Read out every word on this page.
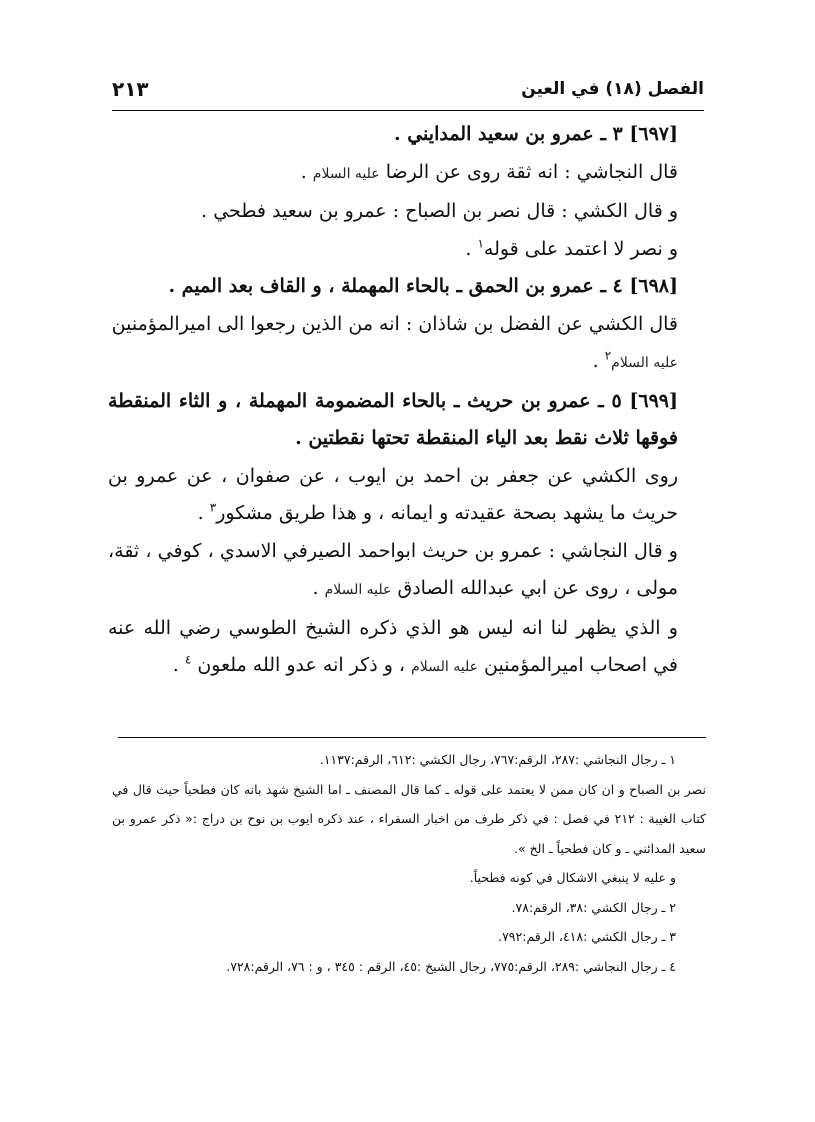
الفصل (١٨) في العين
٢١٣

[٦٩٧] ٣ ـ عمرو بن سعيد المدايني .

قال النجاشي : انه ثقة روى عن الرضا عليه السلام .

و قال الكشي : قال نصر بن الصباح : عمرو بن سعيد فطحي .

و نصر لا اعتمد على قوله$^١$ .

[٦٩٨] ٤ ـ عمرو بن الحمق ـ بالحاء المهملة ، و القاف بعد الميم .

قال الكشي عن الفضل بن شاذان : انه من الذين رجعوا الى اميرالمؤمنين عليه السلام$^٢$ .

[٦٩٩] ٥ ـ عمرو بن حريث ـ بالحاء المضمومة المهملة ، و الثاء المنقطة فوقها ثلاث نقط بعد الياء المنقطة تحتها نقطتين .

روى الكشي عن جعفر بن احمد بن ايوب ، عن صفوان ، عن عمرو بن حريث ما يشهد بصحة عقيدته و ايمانه ، و هذا طريق مشكور$^٣$ .

و قال النجاشي : عمرو بن حريث ابواحمد الصيرفي الاسدي ، كوفي ، ثقة، مولى ، روى عن ابي عبدالله الصادق عليه السلام .

و الذي يظهر لنا انه ليس هو الذي ذكره الشيخ الطوسي رضي الله عنه في اصحاب اميرالمؤمنين عليه السلام ، و ذكر انه عدو الله ملعون $^٤$ .

١ ـ رجال النجاشي :٢٨٧، الرقم:٧٦٧، رجال الكشي :٦١٢، الرقم:١١٣٧.

نصر بن الصباح و ان كان ممن لا يعتمد على قوله ـ كما قال المصنف ـ اما الشيخ شهد بانه كان فطحياً حيث قال في كتاب الغيبة : ٢١٢ في فصل : في ذكر طرف من اخبار السفراء ، عند ذكره ايوب بن نوح بن دراج :« ذكر عمرو بن سعيد المدائني ـ و كان فطحياً ـ الخ ».

و عليه لا ينبغي الاشكال في كونه فطحياً.

٢ ـ رجال الكشي :٣٨، الرقم:٧٨.

٣ ـ رجال الكشي :٤١٨، الرقم:٧٩٢.

٤ ـ رجال النجاشي :٢٨٩، الرقم:٧٧٥، رجال الشيخ :٤٥، الرقم : ٣٤٥ ، و : ٧٦، الرقم:٧٢٨.
